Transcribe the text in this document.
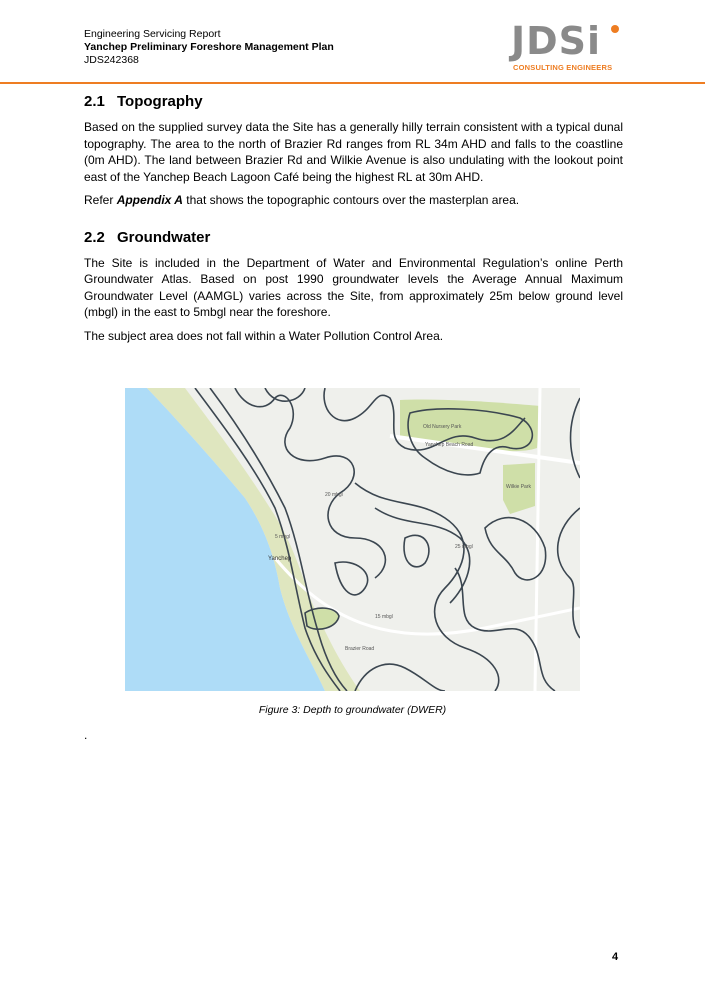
Engineering Servicing Report
Yanchep Preliminary Foreshore Management Plan
JDS242368	JDSi
CONSULTING ENGINEERS
2.1 Topography

Based on the supplied survey data the Site has a generally hilly terrain consistent with a typical dunal topography. The area to the north of Brazier Rd ranges from RL 34m AHD and falls to the coastline (0m AHD). The land between Brazier Rd and Wilkie Avenue is also undulating with the lookout point east of the Yanchep Beach Lagoon Café being the highest RL at 30m AHD.

Refer Appendix A that shows the topographic contours over the masterplan area.

2.2 Groundwater

The Site is included in the Department of Water and Environmental Regulation’s online Perth Groundwater Atlas. Based on post 1990 groundwater levels the Average Annual Maximum Groundwater Level (AAMGL) varies across the Site, from approximately 25m below ground level (mbgl) in the east to 5mbgl near the foreshore.

The subject area does not fall within a Water Pollution Control Area.

Yanchep
Old Nursery Park
Wilkie Park
Yanchep Beach Road
Brazier Road
20 mbgl
15 mbgl
5 mbgl
25 mbgl
Figure 3: Depth to groundwater (DWER)
.
4
